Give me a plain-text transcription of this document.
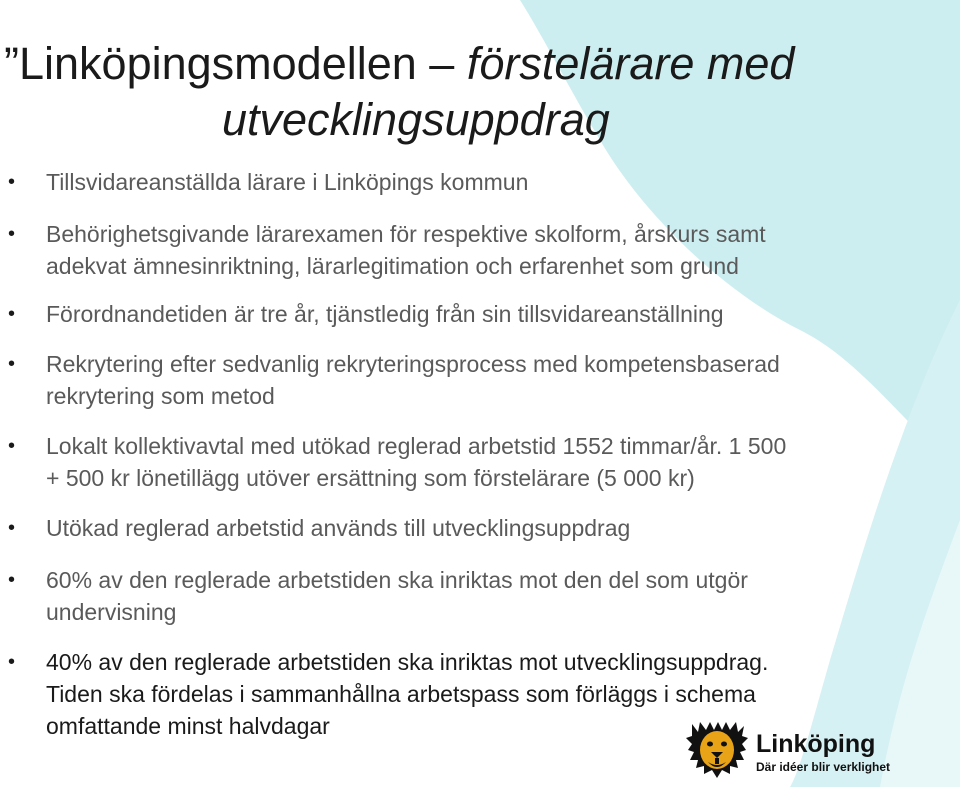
”Linköpingsmodellen – förstelärare med
utvecklingsuppdrag
• Tillsvidareanställda lärare i Linköpings kommun
• Behörighetsgivande lärarexamen för respektive skolform, årskurs samt
adekvat ämnesinriktning, lärarlegitimation och erfarenhet som grund
• Förordnandetiden är tre år, tjänstledig från sin tillsvidareanställning
• Rekrytering efter sedvanlig rekryteringsprocess med kompetensbaserad
rekrytering som metod
• Lokalt kollektivavtal med utökad reglerad arbetstid 1552 timmar/år. 1 500
+ 500 kr lönetillägg utöver ersättning som förstelärare (5 000 kr)
• Utökad reglerad arbetstid används till utvecklingsuppdrag
• 60% av den reglerade arbetstiden ska inriktas mot den del som utgör
undervisning
• 40% av den reglerade arbetstiden ska inriktas mot utvecklingsuppdrag.
Tiden ska fördelas i sammanhållna arbetspass som förläggs i schema
omfattande minst halvdagar
Linköping
Där idéer blir verklighet
